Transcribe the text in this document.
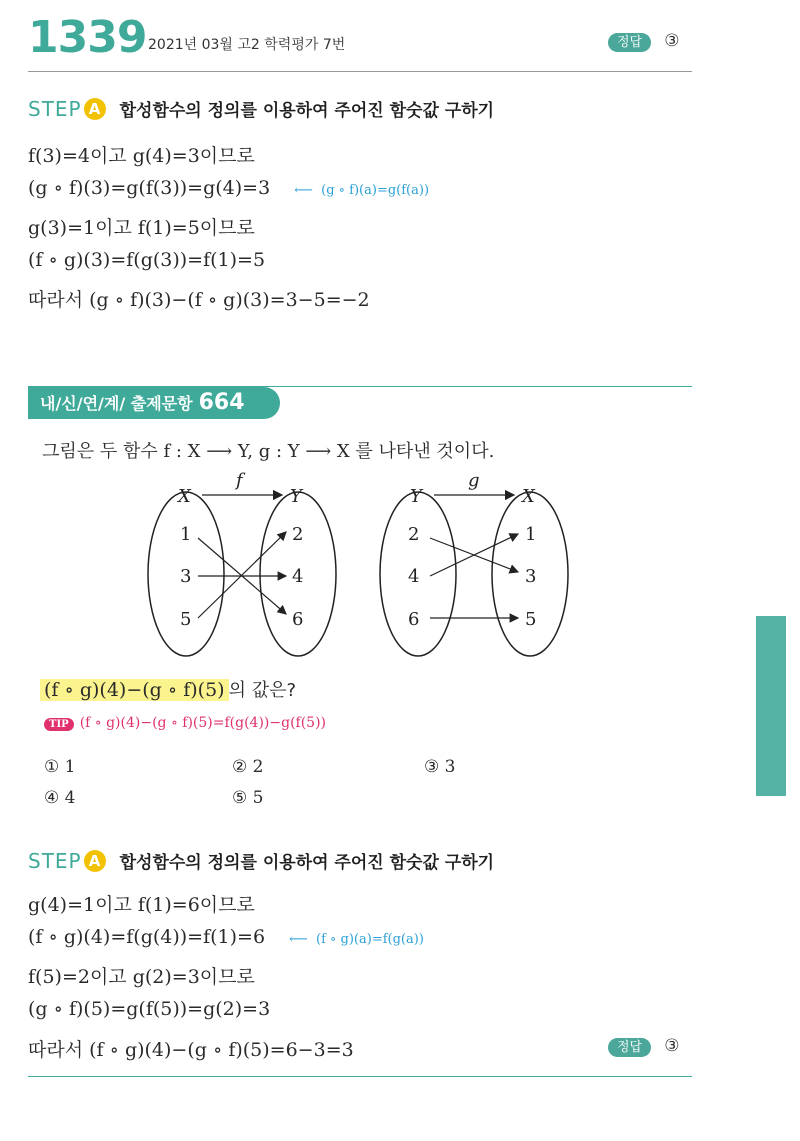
1339 2021년 03월 고2 학력평가 7번	정답 ③
STEP A 합성함수의 정의를 이용하여 주어진 함숫값 구하기
f(3)=4이고 g(4)=3이므로
(g ∘ f)(3)=g(f(3))=g(4)=3 ⟵  (g ∘ f)(a)=g(f(a))
g(3)=1이고 f(1)=5이므로
(f ∘ g)(3)=f(g(3))=f(1)=5
따라서 (g ∘ f)(3)−(f ∘ g)(3)=3−5=−2
내/신/연/계/ 출제문항 664
그림은 두 함수 f : X ⟶ Y, g : Y ⟶ X 를 나타낸 것이다.
X	Y
f
1
3
5
2
4
6
Y	X
g
2
4
6
1
3
5
(f ∘ g)(4)−(g ∘ f)(5) 의 값은?
TIP (f ∘ g)(4)−(g ∘ f)(5)=f(g(4))−g(f(5))
① 1	② 2	③ 3
④ 4	⑤ 5
STEP A 합성함수의 정의를 이용하여 주어진 함숫값 구하기
g(4)=1이고 f(1)=6이므로
(f ∘ g)(4)=f(g(4))=f(1)=6 ⟵  (f ∘ g)(a)=f(g(a))
f(5)=2이고 g(2)=3이므로
(g ∘ f)(5)=g(f(5))=g(2)=3
따라서 (f ∘ g)(4)−(g ∘ f)(5)=6−3=3	정답 ③
